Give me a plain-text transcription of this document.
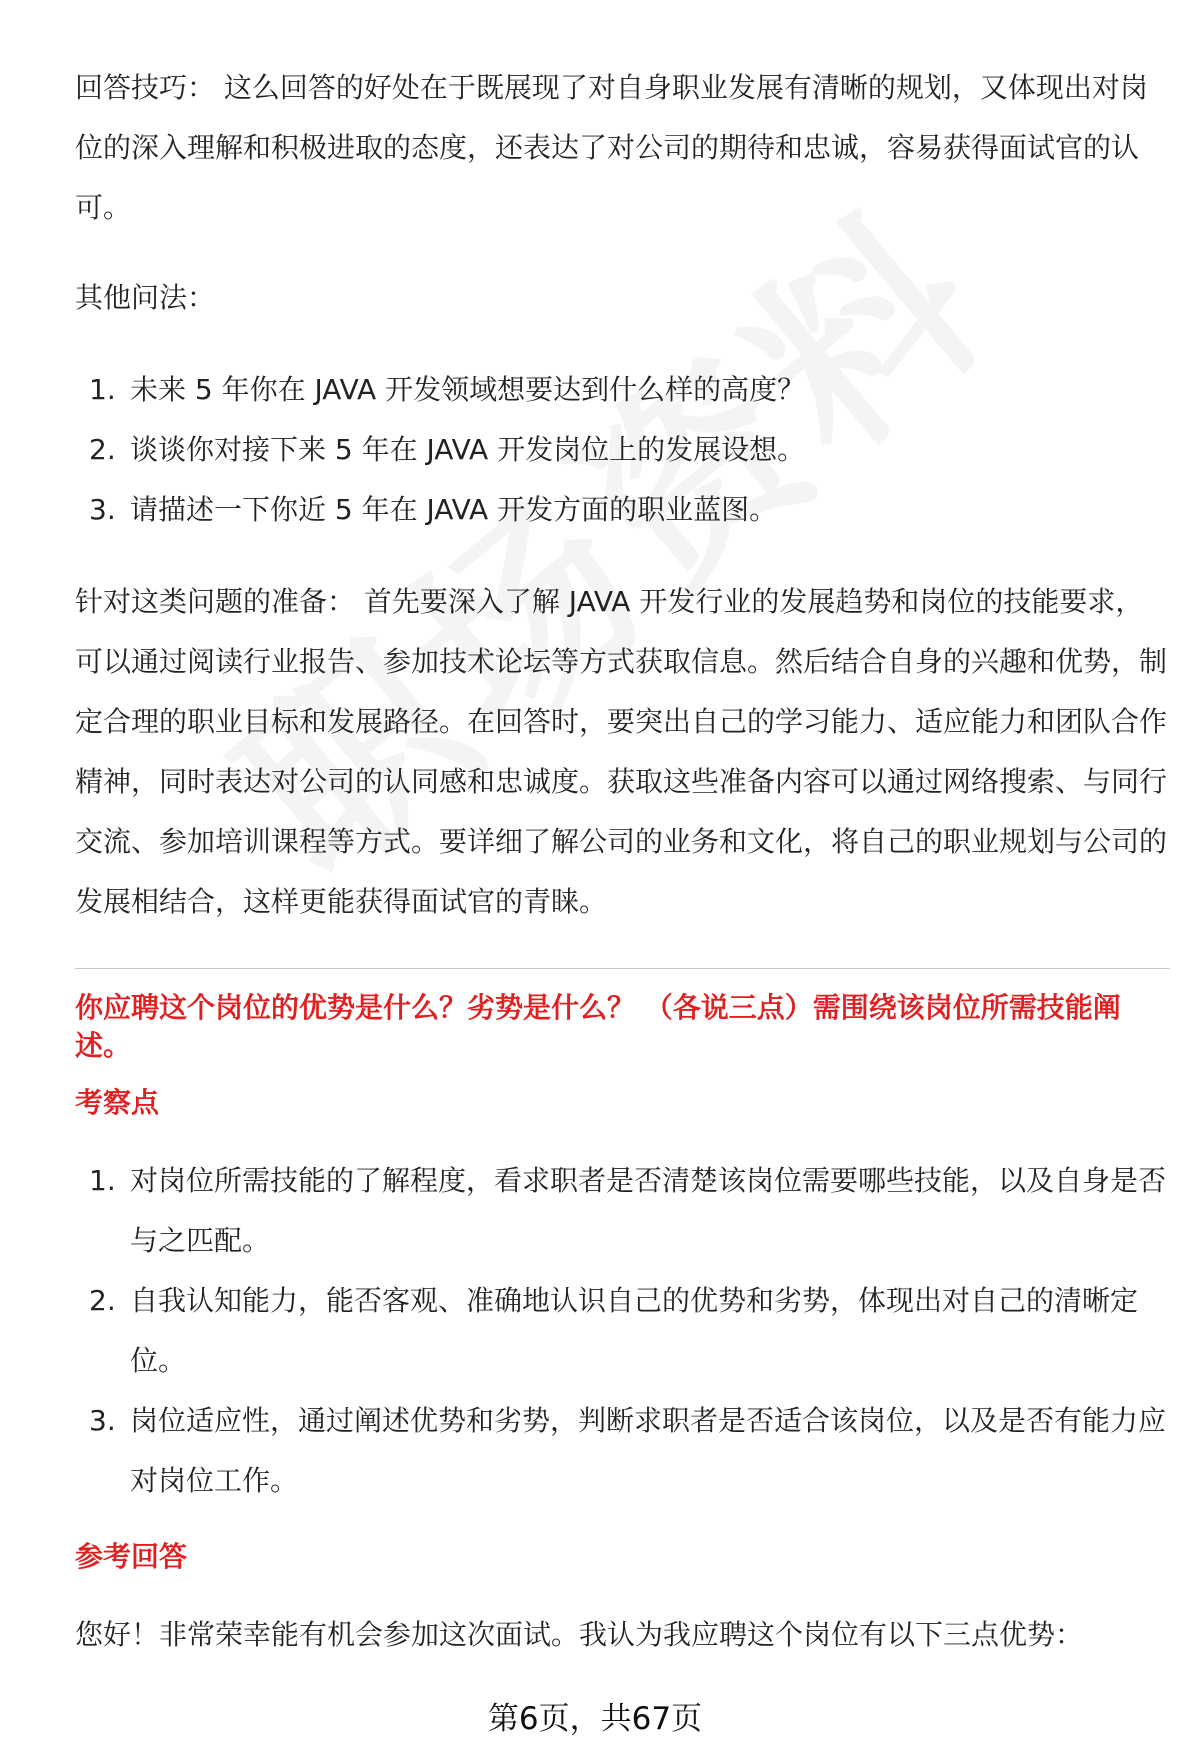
回答技巧： 这么回答的好处在于既展现了对自身职业发展有清晰的规划，又体现出对岗位的深入理解和积极进取的态度，还表达了对公司的期待和忠诚，容易获得面试官的认可。

其他问法：

1. 未来 5 年你在 JAVA 开发领域想要达到什么样的高度？
2. 谈谈你对接下来 5 年在 JAVA 开发岗位上的发展设想。
3. 请描述一下你近 5 年在 JAVA 开发方面的职业蓝图。

针对这类问题的准备： 首先要深入了解 JAVA 开发行业的发展趋势和岗位的技能要求，可以通过阅读行业报告、参加技术论坛等方式获取信息。然后结合自身的兴趣和优势，制定合理的职业目标和发展路径。在回答时，要突出自己的学习能力、适应能力和团队合作精神，同时表达对公司的认同感和忠诚度。获取这些准备内容可以通过网络搜索、与同行交流、参加培训课程等方式。要详细了解公司的业务和文化，将自己的职业规划与公司的发展相结合，这样更能获得面试官的青睐。

你应聘这个岗位的优势是什么？劣势是什么？ （各说三点）需围绕该岗位所需技能阐述。

考察点

1. 对岗位所需技能的了解程度，看求职者是否清楚该岗位需要哪些技能，以及自身是否与之匹配。
2. 自我认知能力，能否客观、准确地认识自己的优势和劣势，体现出对自己的清晰定位。
3. 岗位适应性，通过阐述优势和劣势，判断求职者是否适合该岗位，以及是否有能力应对岗位工作。

参考回答

您好！非常荣幸能有机会参加这次面试。我认为我应聘这个岗位有以下三点优势：

第6页，共67页
